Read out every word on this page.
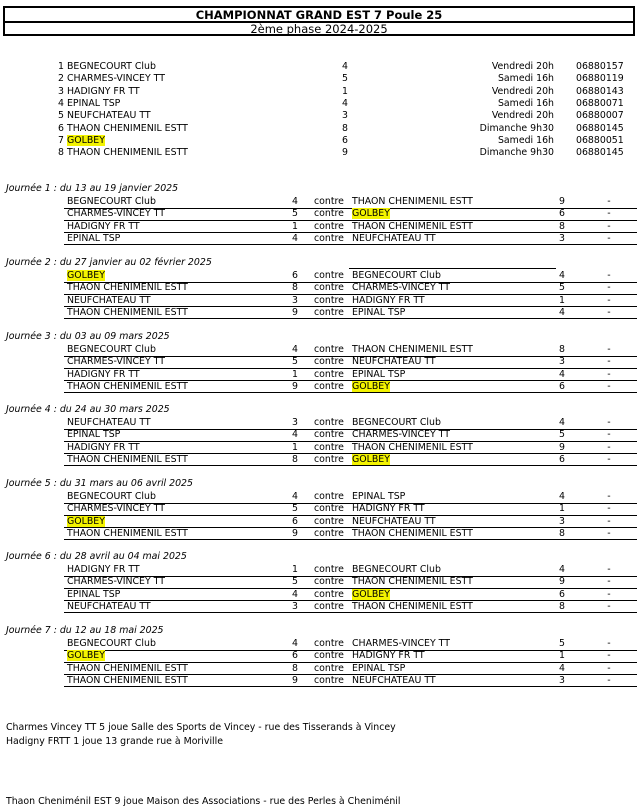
CHAMPIONNAT GRAND EST 7 Poule 25
2ème phase 2024-2025
1 BEGNECOURT Club	4	Vendredi 20h 06880157
2 CHARMES-VINCEY TT	5	Samedi 16h 06880119
3 HADIGNY FR TT	1	Vendredi 20h 06880143
4 EPINAL TSP	4	Samedi 16h 06880071
5 NEUFCHATEAU TT	3	Vendredi 20h 06880007
6 THAON CHENIMENIL ESTT	8	Dimanche 9h30 06880145
7 GOLBEY	6	Samedi 16h 06880051
8 THAON CHENIMENIL ESTT	9	Dimanche 9h30 06880145
Journée 1 : du 13 au 19 janvier 2025
BEGNECOURT Club	4	contre THAON CHENIMENIL ESTT	9	-
CHARMES-VINCEY TT	5	contre GOLBEY	6	-
HADIGNY FR TT	1	contre THAON CHENIMENIL ESTT	8	-
EPINAL TSP	4	contre NEUFCHATEAU TT	3	-
Journée 2 : du 27 janvier au 02 février 2025
GOLBEY	6	contre BEGNECOURT Club	4	-
THAON CHENIMENIL ESTT	8	contre CHARMES-VINCEY TT	5	-
NEUFCHATEAU TT	3	contre HADIGNY FR TT	1	-
THAON CHENIMENIL ESTT	9	contre EPINAL TSP	4	-
Journée 3 : du 03 au 09 mars 2025
BEGNECOURT Club	4	contre THAON CHENIMENIL ESTT	8	-
CHARMES-VINCEY TT	5	contre NEUFCHATEAU TT	3	-
HADIGNY FR TT	1	contre EPINAL TSP	4	-
THAON CHENIMENIL ESTT	9	contre GOLBEY	6	-
Journée 4 : du 24 au 30 mars 2025
NEUFCHATEAU TT	3	contre BEGNECOURT Club	4	-
EPINAL TSP	4	contre CHARMES-VINCEY TT	5	-
HADIGNY FR TT	1	contre THAON CHENIMENIL ESTT	9	-
THAON CHENIMENIL ESTT	8	contre GOLBEY	6	-
Journée 5 : du 31 mars au 06 avril 2025
BEGNECOURT Club	4	contre EPINAL TSP	4	-
CHARMES-VINCEY TT	5	contre HADIGNY FR TT	1	-
GOLBEY	6	contre NEUFCHATEAU TT	3	-
THAON CHENIMENIL ESTT	9	contre THAON CHENIMENIL ESTT	8	-
Journée 6 : du 28 avril au 04 mai 2025
HADIGNY FR TT	1	contre BEGNECOURT Club	4	-
CHARMES-VINCEY TT	5	contre THAON CHENIMENIL ESTT	9	-
EPINAL TSP	4	contre GOLBEY	6	-
NEUFCHATEAU TT	3	contre THAON CHENIMENIL ESTT	8	-
Journée 7 : du 12 au 18 mai 2025
BEGNECOURT Club	4	contre CHARMES-VINCEY TT	5	-
GOLBEY	6	contre HADIGNY FR TT	1	-
THAON CHENIMENIL ESTT	8	contre EPINAL TSP	4	-
THAON CHENIMENIL ESTT	9	contre NEUFCHATEAU TT	3	-
Charmes Vincey TT 5 joue Salle des Sports de Vincey - rue des Tisserands à Vincey
Hadigny FRTT 1 joue 13 grande rue à Moriville
Thaon Cheniménil EST 9 joue Maison des Associations - rue des Perles à Cheniménil
